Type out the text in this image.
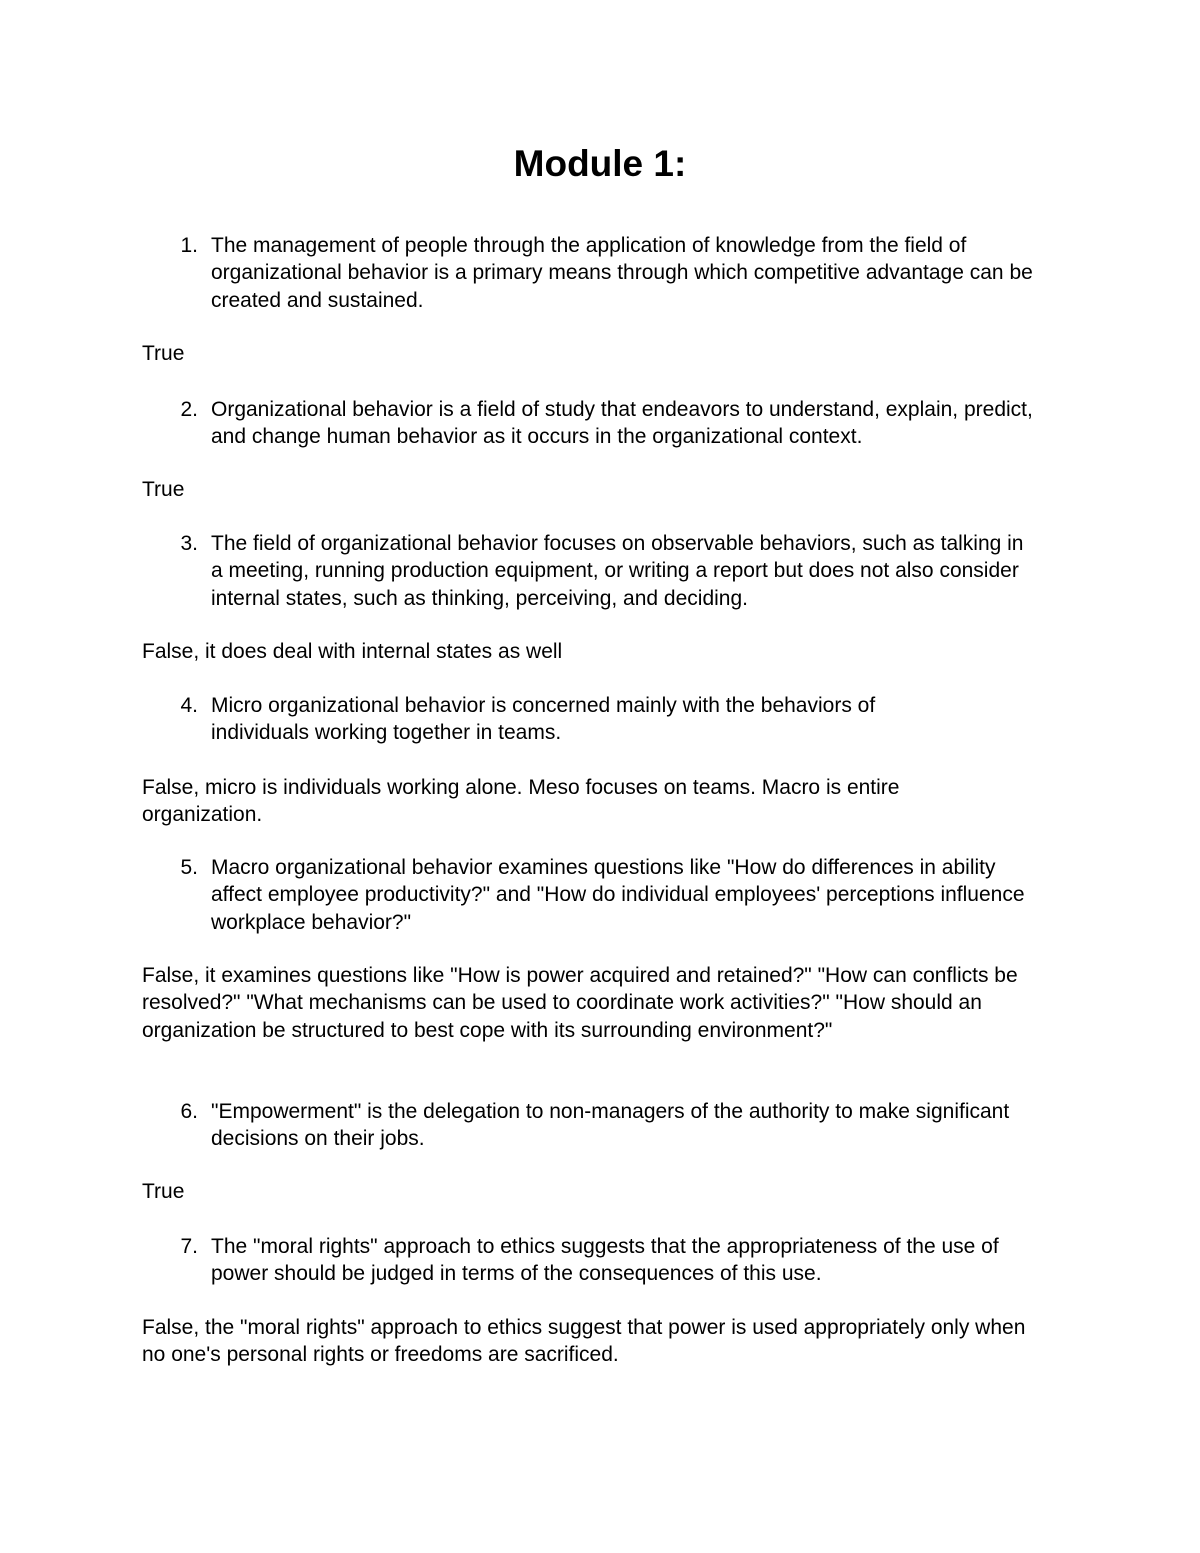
Module 1:
1. The management of people through the application of knowledge from the field of organizational behavior is a primary means through which competitive advantage can be created and sustained.
True
2. Organizational behavior is a field of study that endeavors to understand, explain, predict, and change human behavior as it occurs in the organizational context.
True
3. The field of organizational behavior focuses on observable behaviors, such as talking in a meeting, running production equipment, or writing a report but does not also consider internal states, such as thinking, perceiving, and deciding.
False, it does deal with internal states as well
4. Micro organizational behavior is concerned mainly with the behaviors of individuals working together in teams.
False, micro is individuals working alone. Meso focuses on teams. Macro is entire organization.
5. Macro organizational behavior examines questions like "How do differences in ability affect employee productivity?" and "How do individual employees' perceptions influence workplace behavior?"
False, it examines questions like "How is power acquired and retained?" "How can conflicts be resolved?" "What mechanisms can be used to coordinate work activities?" "How should an organization be structured to best cope with its surrounding environment?"
6. "Empowerment" is the delegation to non-managers of the authority to make significant decisions on their jobs.
True
7. The "moral rights" approach to ethics suggests that the appropriateness of the use of power should be judged in terms of the consequences of this use.
False, the "moral rights" approach to ethics suggest that power is used appropriately only when no one's personal rights or freedoms are sacrificed.
